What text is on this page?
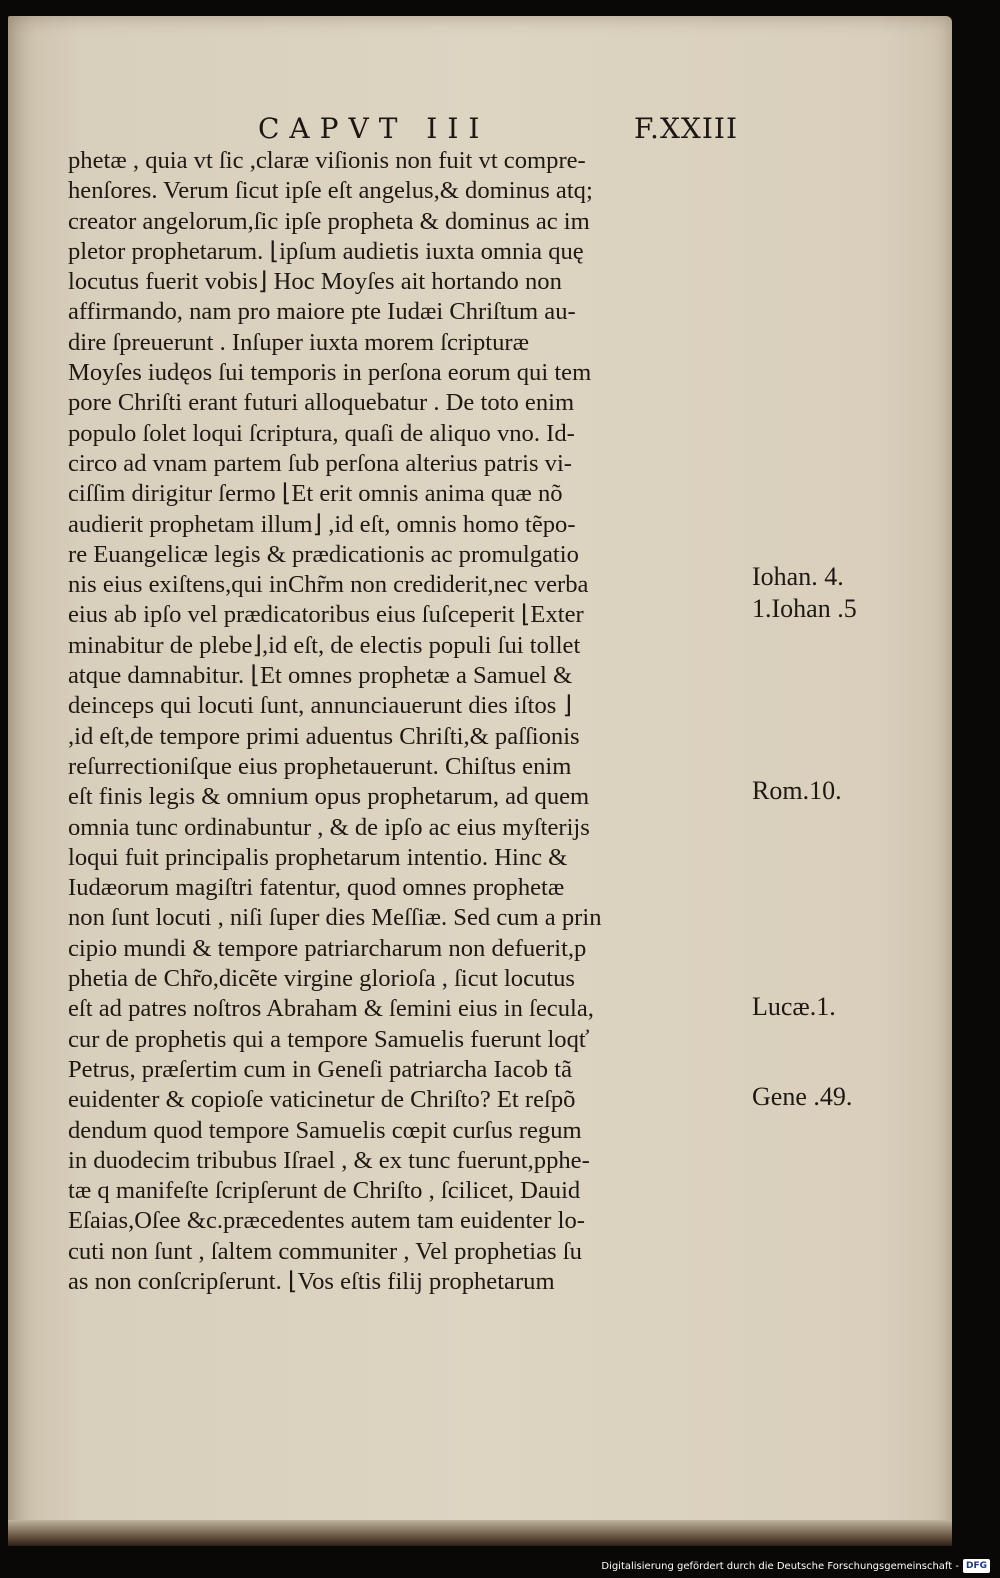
CAPVT III	F.XXIII
phetæ , quia vt ſic ,claræ viſionis non fuit vt compre-
henſores. Verum ſicut ipſe eſt angelus,& dominus atq;
creator angelorum,ſic ipſe propheta & dominus ac im
pletor prophetarum. ⌊ipſum audietis iuxta omnia quę
locutus fuerit vobis⌋ Hoc Moyſes ait hortando non
affirmando, nam pro maiore pte Iudæi Chriſtum au-
dire ſpreuerunt . Inſuper iuxta morem ſcripturæ
Moyſes iudęos ſui temporis in perſona eorum qui tem
pore Chriſti erant futuri alloquebatur . De toto enim
populo ſolet loqui ſcriptura, quaſi de aliquo vno. Id-
circo ad vnam partem ſub perſona alterius patris vi-
ciſſim dirigitur ſermo ⌊Et erit omnis anima quæ nõ
audierit prophetam illum⌋ ,id eſt, omnis homo tẽpo-
re Euangelicæ legis & prædicationis ac promulgatio
nis eius exiſtens,qui inChr̃m non crediderit,nec verba
eius ab ipſo vel prædicatoribus eius ſuſceperit ⌊Exter
minabitur de plebe⌋,id eſt, de electis populi ſui tollet
atque damnabitur. ⌊Et omnes prophetæ a Samuel &
deinceps qui locuti ſunt, annunciauerunt dies iſtos ⌋
,id eſt,de tempore primi aduentus Chriſti,& paſſionis
reſurrectioniſque eius prophetauerunt. Chiſtus enim
eſt finis legis & omnium opus prophetarum, ad quem
omnia tunc ordinabuntur , & de ipſo ac eius myſterijs
loqui fuit principalis prophetarum intentio. Hinc &
Iudæorum magiſtri fatentur, quod omnes prophetæ
non ſunt locuti , niſi ſuper dies Meſſiæ. Sed cum a prin
cipio mundi & tempore patriarcharum non defuerit,p
phetia de Chr̃o,dicẽte virgine glorioſa , ſicut locutus
eſt ad patres noſtros Abraham & ſemini eius in ſecula,
cur de prophetis qui a tempore Samuelis fuerunt loqť
Petrus, præſertim cum in Geneſi patriarcha Iacob tã
euidenter & copioſe vaticinetur de Chriſto? Et reſpõ
dendum quod tempore Samuelis cœpit curſus regum
in duodecim tribubus Iſrael , & ex tunc fuerunt,pphe-
tæ q manifeſte ſcripſerunt de Chriſto , ſcilicet, Dauid
Eſaias,Oſee &c.præcedentes autem tam euidenter lo-
cuti non ſunt , ſaltem communiter , Vel prophetias ſu
as non conſcripſerunt. ⌊Vos eſtis filij prophetarum
Iohan. 4.
1.Iohan .5
Rom.10.
Lucæ.1.
Gene .49.
Digitalisierung gefördert durch die Deutsche Forschungsgemeinschaft - DFG
